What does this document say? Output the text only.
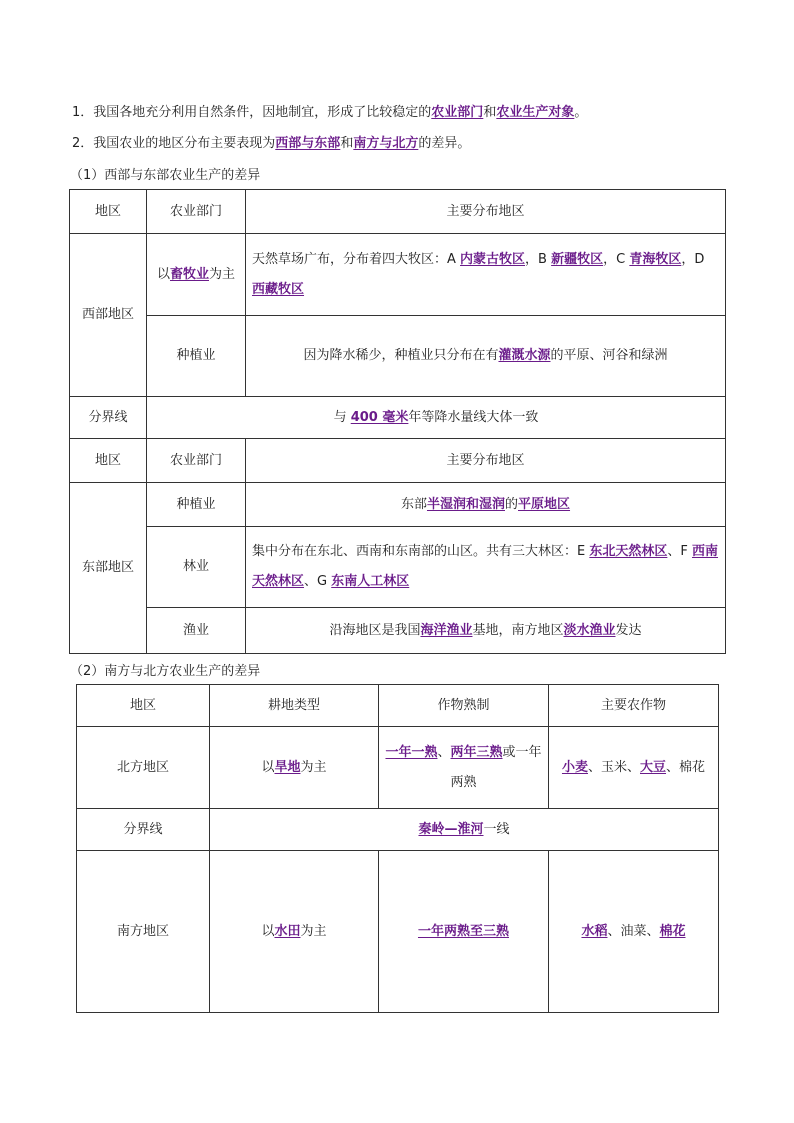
1．我国各地充分利用自然条件，因地制宜，形成了比较稳定的农业部门和农业生产对象。
2．我国农业的地区分布主要表现为西部与东部和南方与北方的差异。
（1）西部与东部农业生产的差异
地区	农业部门	主要分布地区
西部地区	以畜牧业为主	天然草场广布，分布着四大牧区：A 内蒙古牧区，B 新疆牧区，C 青海牧区，D 西藏牧区
	种植业	因为降水稀少，种植业只分布在有灌溉水源的平原、河谷和绿洲
分界线	与 400 毫米年等降水量线大体一致	
地区	农业部门	主要分布地区
东部地区	种植业	东部半湿润和湿润的平原地区
	林业	集中分布在东北、西南和东南部的山区。共有三大林区：E 东北天然林区、F 西南天然林区、G 东南人工林区
	渔业	沿海地区是我国海洋渔业基地，南方地区淡水渔业发达
（2）南方与北方农业生产的差异
地区	耕地类型	作物熟制	主要农作物
北方地区	以旱地为主	一年一熟、两年三熟或一年两熟	小麦、玉米、大豆、棉花
分界线	秦岭—淮河一线		
南方地区	以水田为主	一年两熟至三熟	水稻、油菜、棉花
